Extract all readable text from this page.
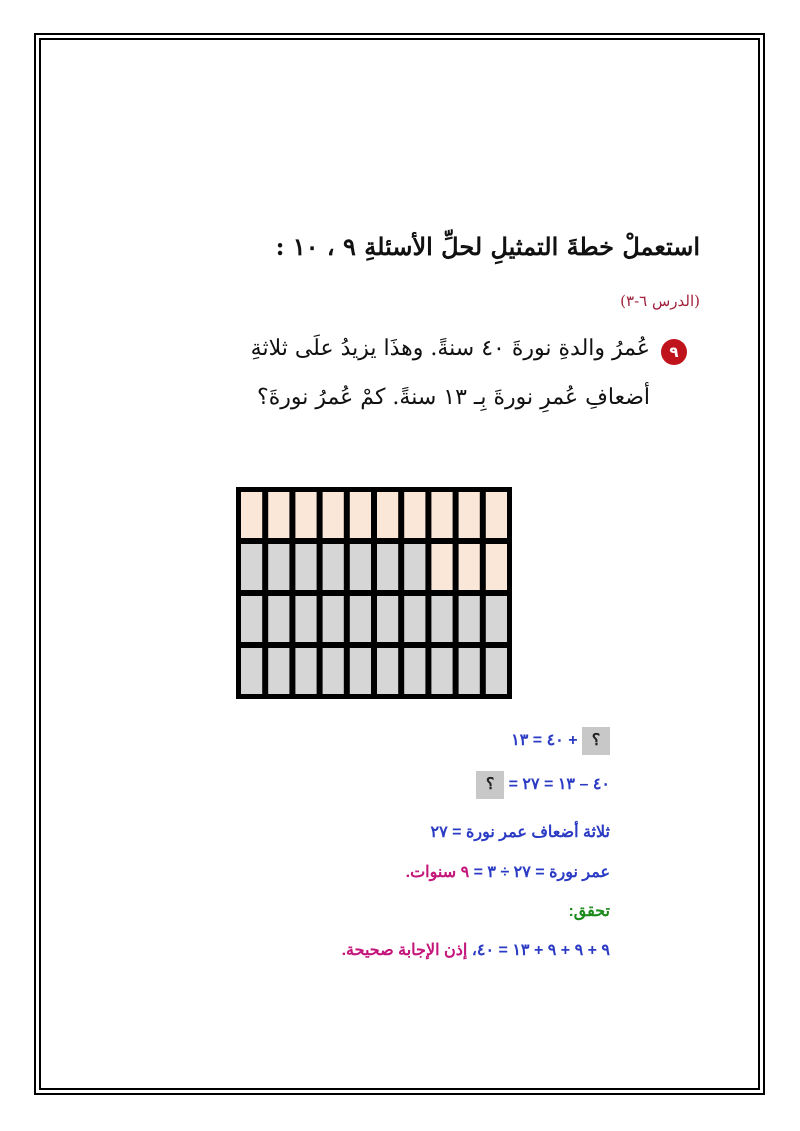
استعملْ خطةَ التمثيلِ لحلِّ الأسئلةِ ٩ ، ١٠ :
(الدرس ٦-٣)
٩
عُمرُ والدةِ نورةَ ٤٠ سنةً. وهذَا يزيدُ علَى ثلاثةِ
أضعافِ عُمرِ نورةَ بِـ ١٣ سنةً. كمْ عُمرُ نورةَ؟
٤٠ = ١٣ + ؟
؟ = ٤٠ – ١٣ = ٢٧
ثلاثة أضعاف عمر نورة = ٢٧
عمر نورة = ٢٧ ÷ ٣ = ٩ سنوات.
تحقق:
٩ + ٩ + ٩ + ١٣ = ٤٠، إذن الإجابة صحيحة.
